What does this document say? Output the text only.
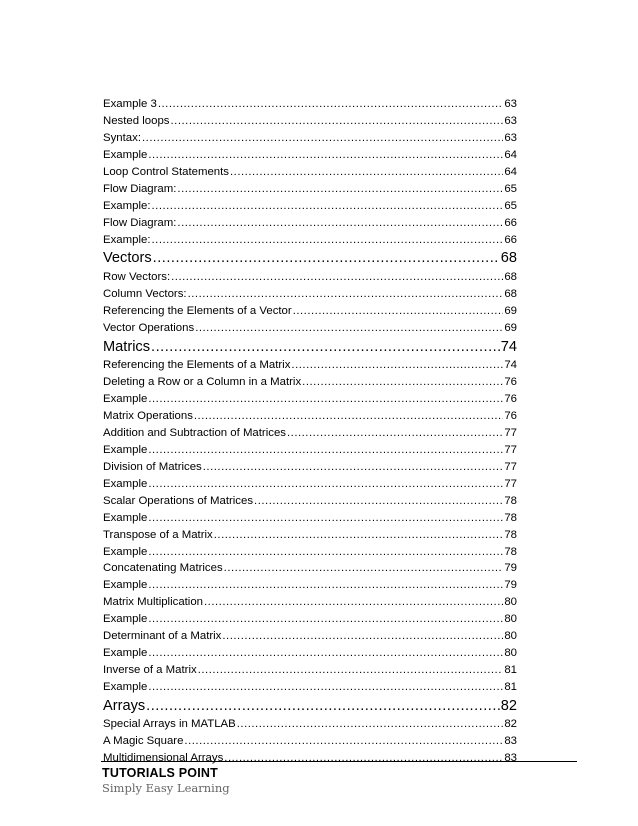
Example 3 .....	63
Nested loops .....	63
Syntax: .....	63
Example .....	64
Loop Control Statements .....	64
Flow Diagram: .....	65
Example: .....	65
Flow Diagram: .....	66
Example: .....	66
Vectors .....	68
Row Vectors: .....	68
Column Vectors: .....	68
Referencing the Elements of a Vector .....	69
Vector Operations .....	69
Matrics .....	74
Referencing the Elements of a Matrix .....	74
Deleting a Row or a Column in a Matrix .....	76
Example .....	76
Matrix Operations .....	76
Addition and Subtraction of Matrices .....	77
Example .....	77
Division of Matrices .....	77
Example .....	77
Scalar Operations of Matrices .....	78
Example .....	78
Transpose of a Matrix .....	78
Example .....	78
Concatenating Matrices .....	79
Example .....	79
Matrix Multiplication .....	80
Example .....	80
Determinant of a Matrix .....	80
Example .....	80
Inverse of a Matrix .....	81
Example .....	81
Arrays .....	82
Special Arrays in MATLAB .....	82
A Magic Square .....	83
Multidimensional Arrays .....	83
TUTORIALS POINT
Simply Easy Learning
